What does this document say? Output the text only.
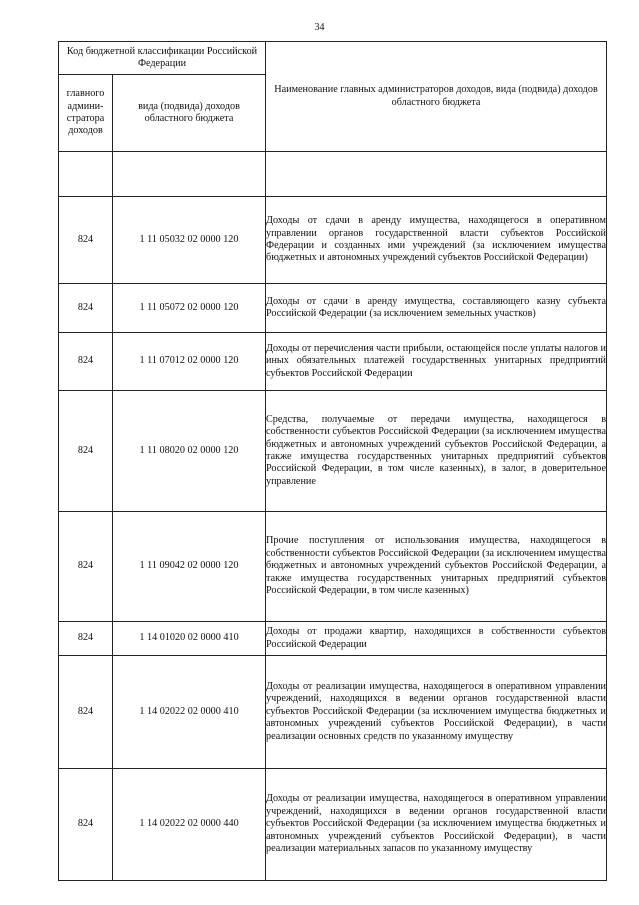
34
Код бюджетной классификации Российской Федерации		Наименование главных администраторов доходов, вида (подвида) доходов областного бюджета
главного админи-стратора доходов	вида (подвида) доходов областного бюджета	

824	1 11 05032 02 0000 120	Доходы от сдачи в аренду имущества, находящегося в оперативном управлении органов государственной власти субъектов Российской Федерации и созданных ими учреждений (за исключением имущества бюджетных и автономных учреждений субъектов Российской Федерации)
824	1 11 05072 02 0000 120	Доходы от сдачи в аренду имущества, составляющего казну субъекта Российской Федерации (за исключением земельных участков)
824	1 11 07012 02 0000 120	Доходы от перечисления части прибыли, остающейся после уплаты налогов и иных обязательных платежей государственных унитарных предприятий субъектов Российской Федерации
824	1 11 08020 02 0000 120	Средства, получаемые от передачи имущества, находящегося в собственности субъектов Российской Федерации (за исключением имущества бюджетных и автономных учреждений субъектов Российской Федерации, а также имущества государственных унитарных предприятий субъектов Российской Федерации, в том числе казенных), в залог, в доверительное управление
824	1 11 09042 02 0000 120	Прочие поступления от использования имущества, находящегося в собственности субъектов Российской Федерации (за исключением имущества бюджетных и автономных учреждений субъектов Российской Федерации, а также имущества государственных унитарных предприятий субъектов Российской Федерации, в том числе казенных)
824	1 14 01020 02 0000 410	Доходы от продажи квартир, находящихся в собственности субъектов Российской Федерации
824	1 14 02022 02 0000 410	Доходы от реализации имущества, находящегося в оперативном управлении учреждений, находящихся в ведении органов государственной власти субъектов Российской Федерации (за исключением имущества бюджетных и автономных учреждений субъектов Российской Федерации), в части реализации основных средств по указанному имуществу
824	1 14 02022 02 0000 440	Доходы от реализации имущества, находящегося в оперативном управлении учреждений, находящихся в ведении органов государственной власти субъектов Российской Федерации (за исключением имущества бюджетных и автономных учреждений субъектов Российской Федерации), в части реализации материальных запасов по указанному имуществу
